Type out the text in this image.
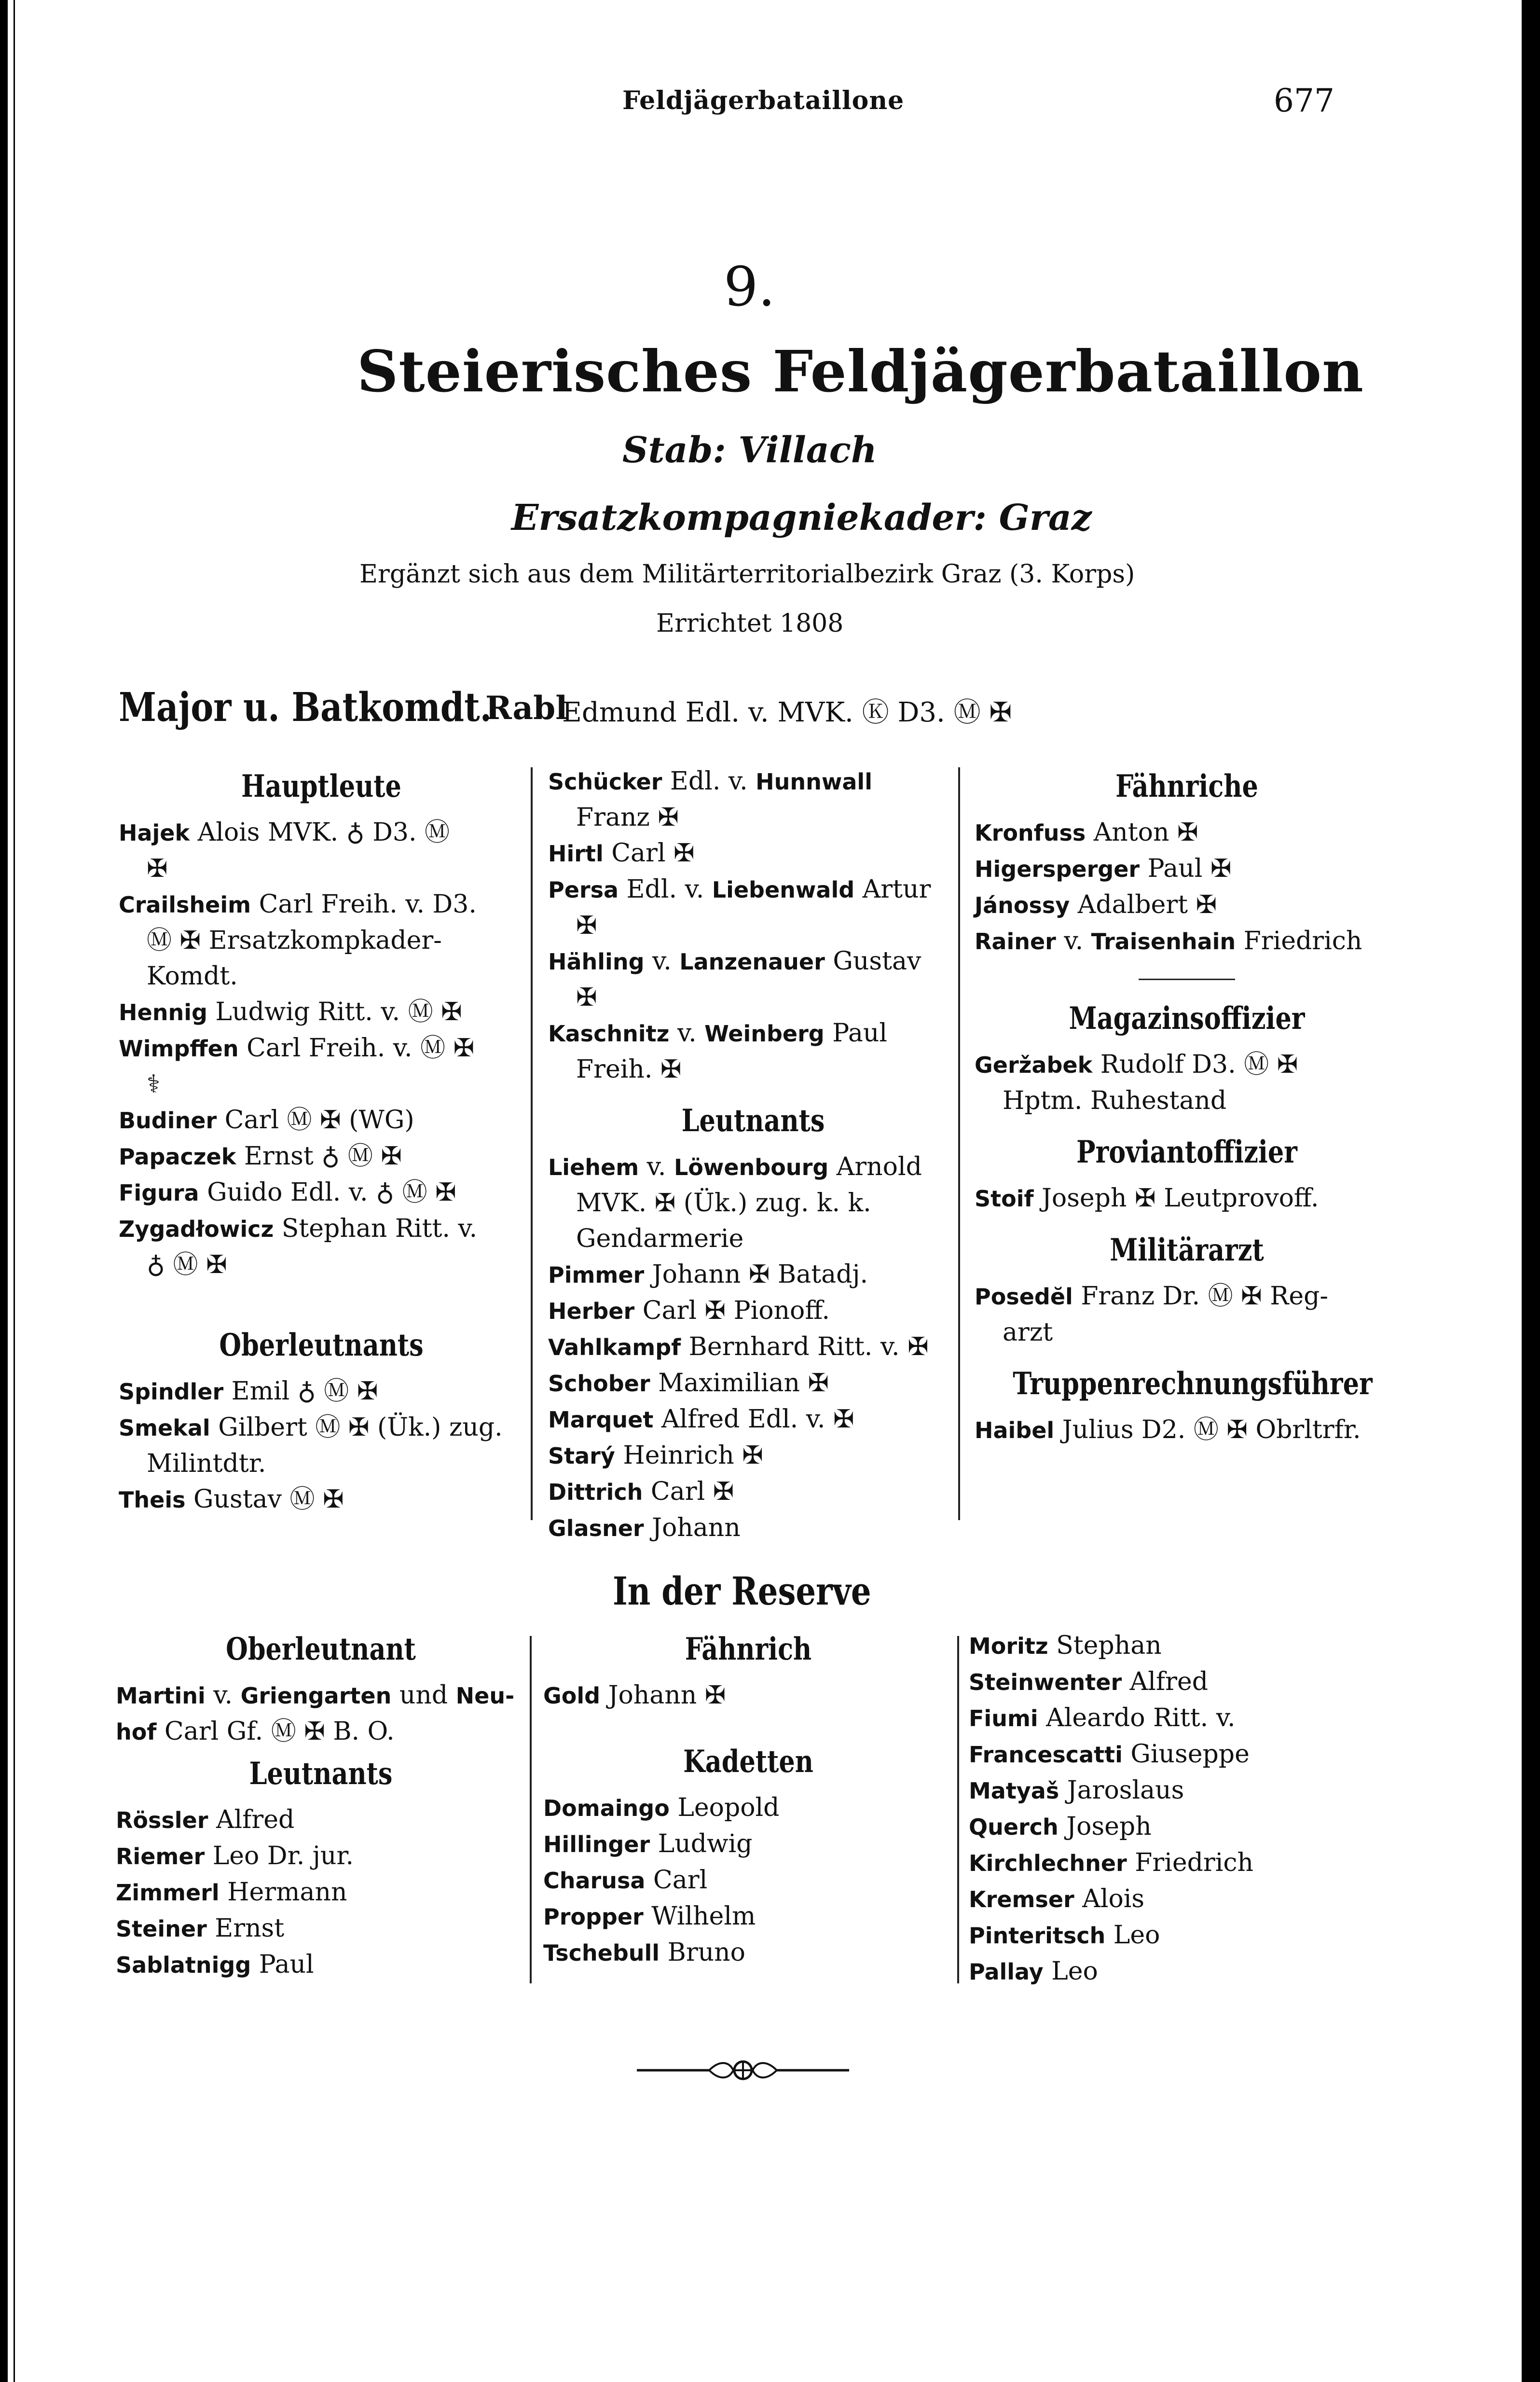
Feldjägerbataillone	677
9.
Steierisches Feldjägerbataillon
Stab: Villach
Ersatzkompagniekader: Graz
Ergänzt sich aus dem Militärterritorialbezirk Graz (3. Korps)
Errichtet 1808
Major u. Batkomdt.
Rabl
Edmund Edl. v. MVK. Ⓚ D3. Ⓜ ✠
Hauptleute
Hajek Alois MVK. ♁ D3. Ⓜ
✠
Crailsheim Carl Freih. v. D3.
Ⓜ ✠ Ersatzkompkader-
Komdt.
Hennig Ludwig Ritt. v. Ⓜ ✠
Wimpffen Carl Freih. v. Ⓜ ✠
⚕
Budiner Carl Ⓜ ✠ (WG)
Papaczek Ernst ♁ Ⓜ ✠
Figura Guido Edl. v. ♁ Ⓜ ✠
Zygadłowicz Stephan Ritt. v.
♁ Ⓜ ✠
Oberleutnants
Spindler Emil ♁ Ⓜ ✠
Smekal Gilbert Ⓜ ✠ (Ük.) zug.
Milintdtr.
Theis Gustav Ⓜ ✠
Schücker Edl. v. Hunnwall
Franz ✠
Hirtl Carl ✠
Persa Edl. v. Liebenwald Artur
✠
Hähling v. Lanzenauer Gustav
✠
Kaschnitz v. Weinberg Paul
Freih. ✠
Leutnants
Liehem v. Löwenbourg Arnold
MVK. ✠ (Ük.) zug. k. k.
Gendarmerie
Pimmer Johann ✠ Batadj.
Herber Carl ✠ Pionoff.
Vahlkampf Bernhard Ritt. v. ✠
Schober Maximilian ✠
Marquet Alfred Edl. v. ✠
Starý Heinrich ✠
Dittrich Carl ✠
Glasner Johann
Fähnriche
Kronfuss Anton ✠
Higersperger Paul ✠
Jánossy Adalbert ✠
Rainer v. Traisenhain Friedrich
Magazinsoffizier
Geržabek Rudolf D3. Ⓜ ✠
Hptm. Ruhestand
Proviantoffizier
Stoif Joseph ✠ Leutprovoff.
Militärarzt
Posedĕl Franz Dr. Ⓜ ✠ Reg-
arzt
Truppenrechnungsführer
Haibel Julius D2. Ⓜ ✠ Obrltrfr.
In der Reserve
Oberleutnant
Martini v. Griengarten und Neu-
hof Carl Gf. Ⓜ ✠ B. O.
Leutnants
Rössler Alfred
Riemer Leo Dr. jur.
Zimmerl Hermann
Steiner Ernst
Sablatnigg Paul
Fähnrich
Gold Johann ✠
Kadetten
Domaingo Leopold
Hillinger Ludwig
Charusa Carl
Propper Wilhelm
Tschebull Bruno
Moritz Stephan
Steinwenter Alfred
Fiumi Aleardo Ritt. v.
Francescatti Giuseppe
Matyaš Jaroslaus
Querch Joseph
Kirchlechner Friedrich
Kremser Alois
Pinteritsch Leo
Pallay Leo
